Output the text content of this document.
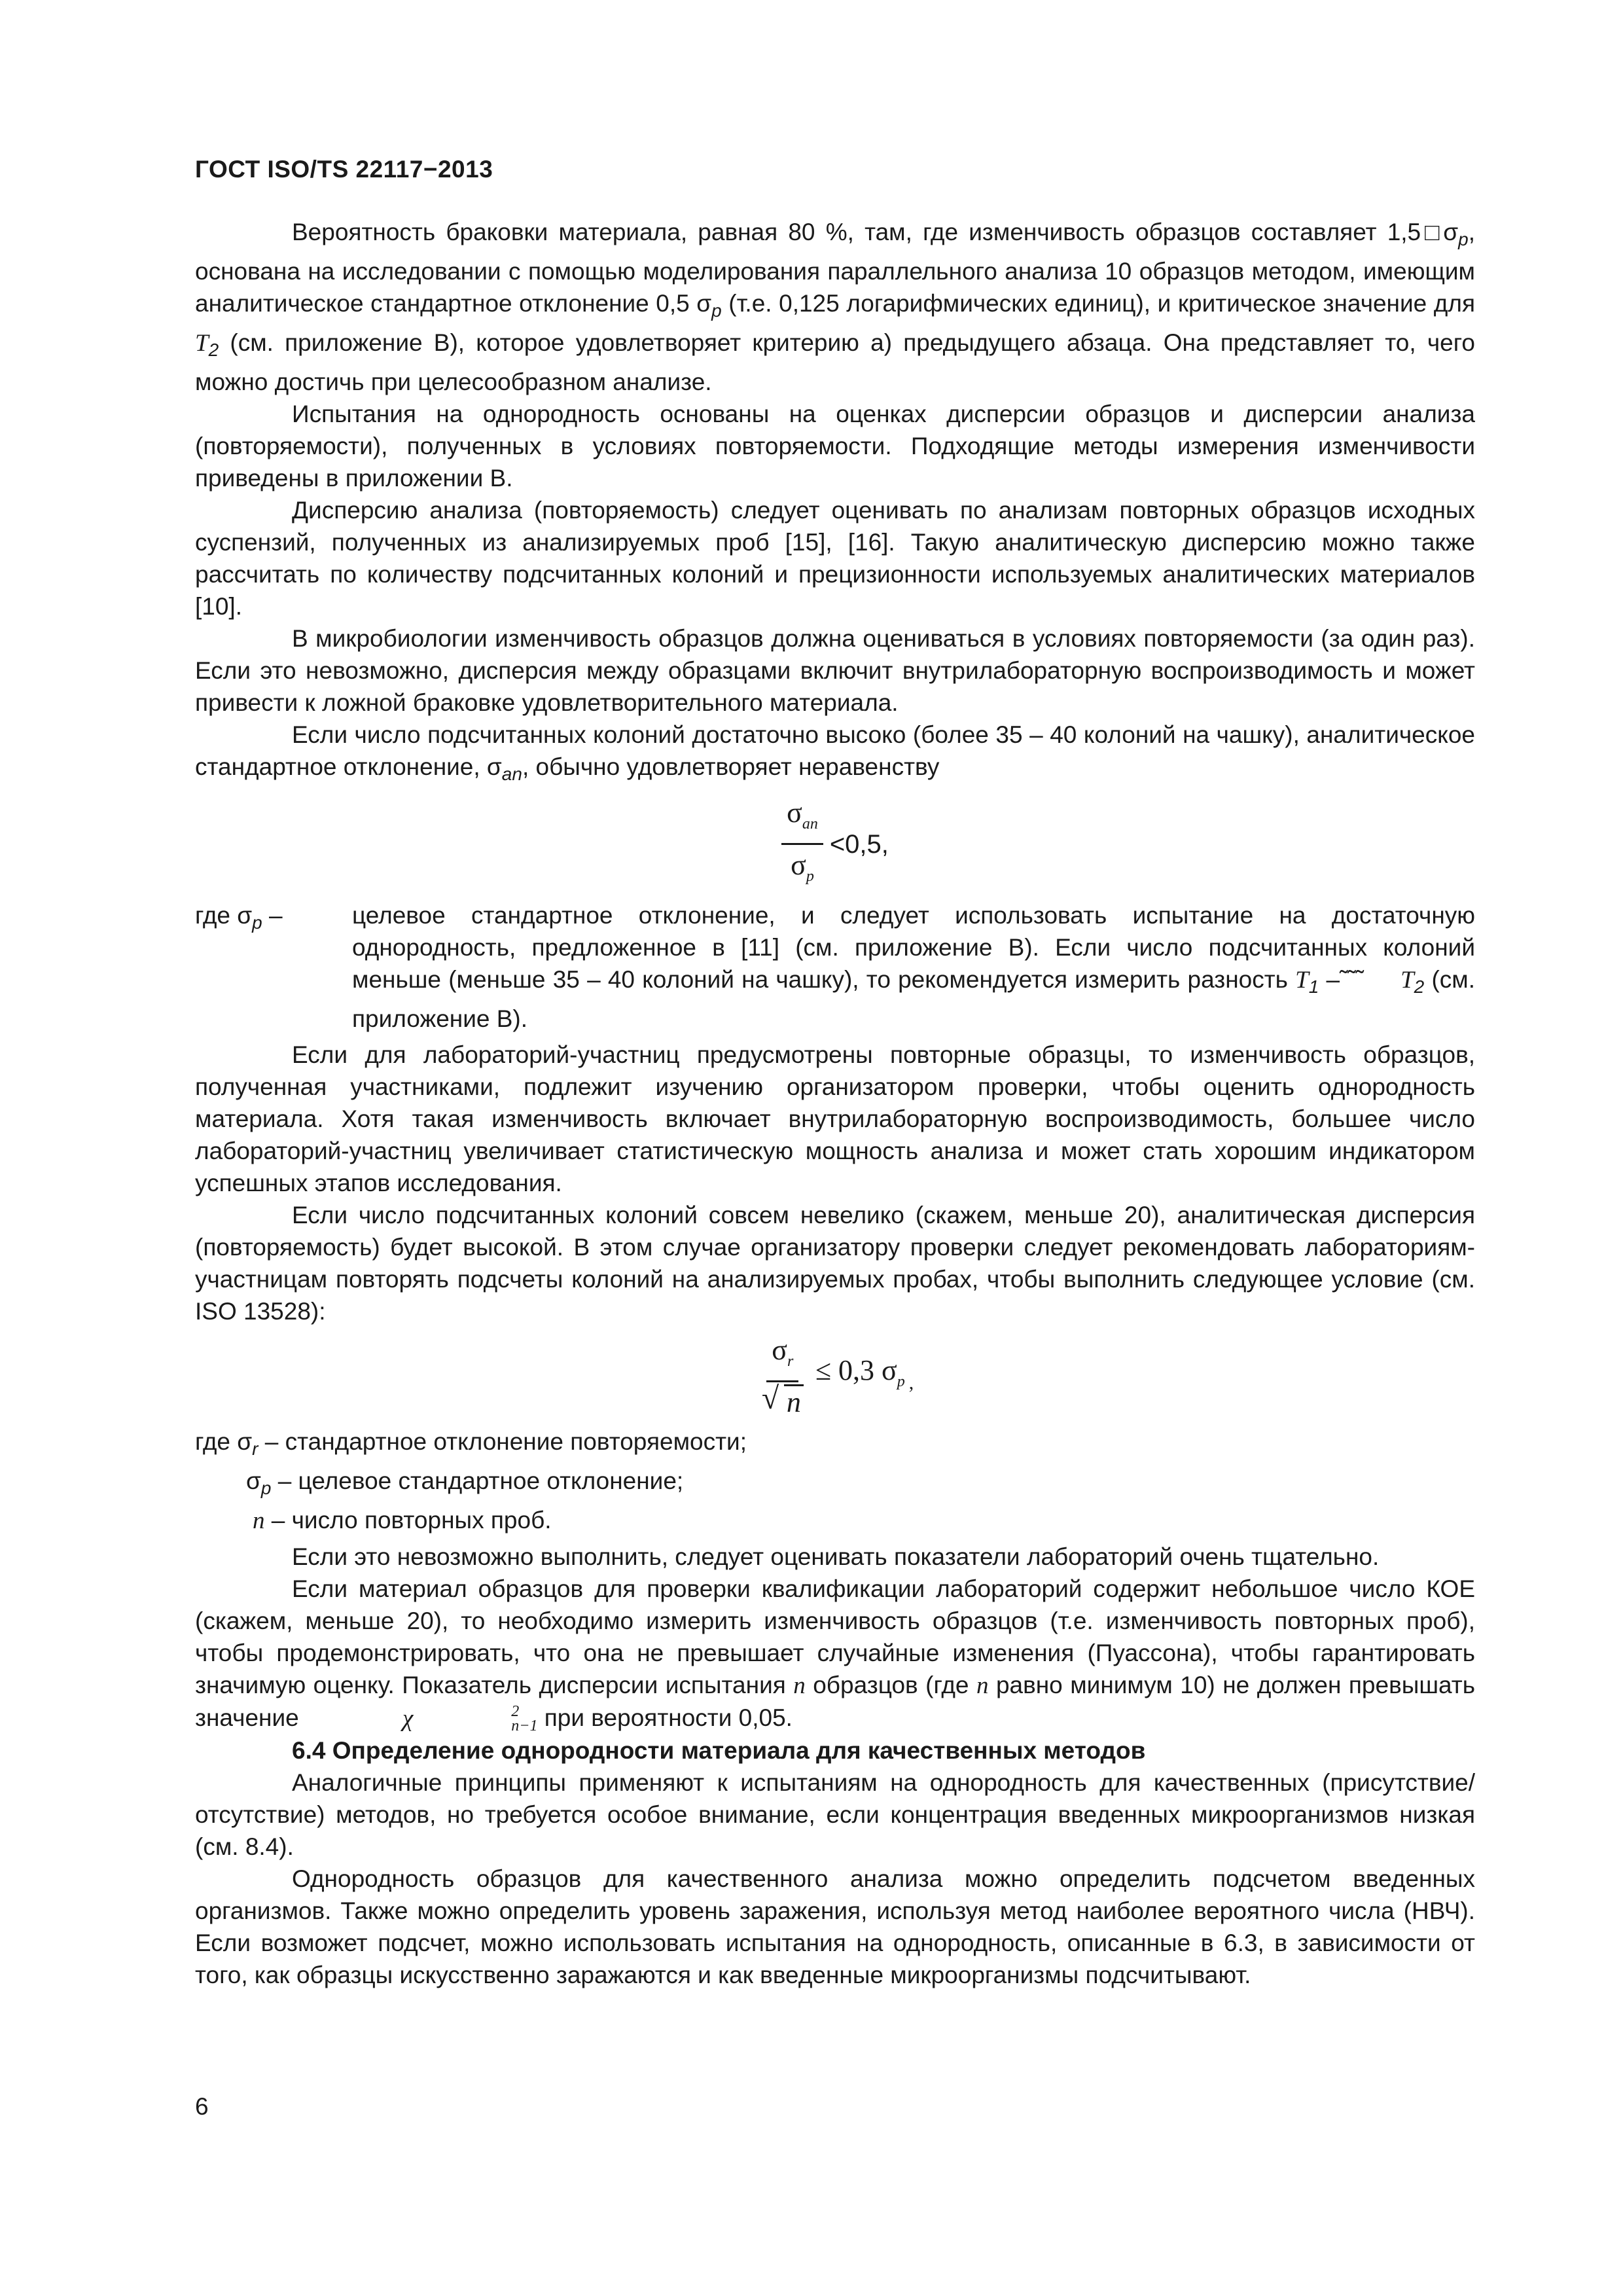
ГОСТ ISO/TS 22117−2013

Вероятность браковки материала, равная 80 %, там, где изменчивость образцов составляет $1,5□\sigma_p$, основана на исследовании с помощью моделирования параллельного анализа 10 образцов методом, имеющим аналитическое стандартное отклонение 0,5 $\sigma_p$ (т.е. 0,125 логарифмических единиц), и критическое значение для $T_2$ (см. приложение В), которое удовлетворяет критерию а) предыдущего абзаца. Она представляет то, чего можно достичь при целесообразном анализе.

Испытания на однородность основаны на оценках дисперсии образцов и дисперсии анализа (повторяемости), полученных в условиях повторяемости. Подходящие методы измерения изменчивости приведены в приложении В.

Дисперсию анализа (повторяемость) следует оценивать по анализам повторных образцов исходных суспензий, полученных из анализируемых проб [15], [16]. Такую аналитическую дисперсию можно также рассчитать по количеству подсчитанных колоний и прецизионности используемых аналитических материалов [10].

В микробиологии изменчивость образцов должна оцениваться в условиях повторяемости (за один раз). Если это невозможно, дисперсия между образцами включит внутрилабораторную воспроизводимость и может привести к ложной браковке удовлетворительного материала.

Если число подсчитанных колоний достаточно высоко (более 35 – 40 колоний на чашку), аналитическое стандартное отклонение, $\sigma_{an}$, обычно удовлетворяет неравенству

$\frac{\sigma_{an}}{\sigma_p} <0,5$,
где $\sigma_p$ –	целевое стандартное отклонение, и следует использовать испытание на достаточную однородность, предложенное в [11] (см. приложение В). Если число подсчитанных колоний меньше (меньше 35 – 40 колоний на чашку), то рекомендуется измерить разность $T_1$ –˜˜˜     $T_2$ (см. приложение В).

Если для лабораторий-участниц предусмотрены повторные образцы, то изменчивость образцов, полученная участниками, подлежит изучению организатором проверки, чтобы оценить однородность материала. Хотя такая изменчивость включает внутрилабораторную воспроизводимость, большее число лабораторий-участниц увеличивает статистическую мощность анализа и может стать хорошим индикатором успешных этапов исследования.

Если число подсчитанных колоний совсем невелико (скажем, меньше 20), аналитическая дисперсия (повторяемость) будет высокой. В этом случае организатору проверки следует рекомендовать лабораториям-участницам повторять подсчеты колоний на анализируемых пробах, чтобы выполнить следующее условие (см. ISO 13528):

$\frac{\sigma_r}{√ n} \le 0,3$ $\sigma_p$ $_,$
где $\sigma_r$ – стандартное отклонение повторяемости;
$\sigma_p$ – целевое стандартное отклонение;
n – число повторных проб.

Если это невозможно выполнить, следует оценивать показатели лабораторий очень тщательно.

Если материал образцов для проверки квалификации лабораторий содержит небольшое число КОЕ (скажем, меньше 20), то необходимо измерить изменчивость образцов (т.е. изменчивость повторных проб), чтобы продемонстрировать, что она не превышает случайные изменения (Пуассона), чтобы гарантировать значимую оценку. Показатель дисперсии испытания n образцов (где n равно минимум 10) не должен превышать значение	χ	2
n−1 при вероятности 0,05.

6.4 Определение однородности материала для качественных методов

Аналогичные принципы применяют к испытаниям на однородность для качественных (присутствие/отсутствие) методов, но требуется особое внимание, если концентрация введенных микроорганизмов низкая (см. 8.4).

Однородность образцов для качественного анализа можно определить подсчетом введенных организмов. Также можно определить уровень заражения, используя метод наиболее вероятного числа (НВЧ). Если возможет подсчет, можно использовать испытания на однородность, описанные в 6.3, в зависимости от того, как образцы искусственно заражаются и как введенные микроорганизмы подсчитывают.

6
